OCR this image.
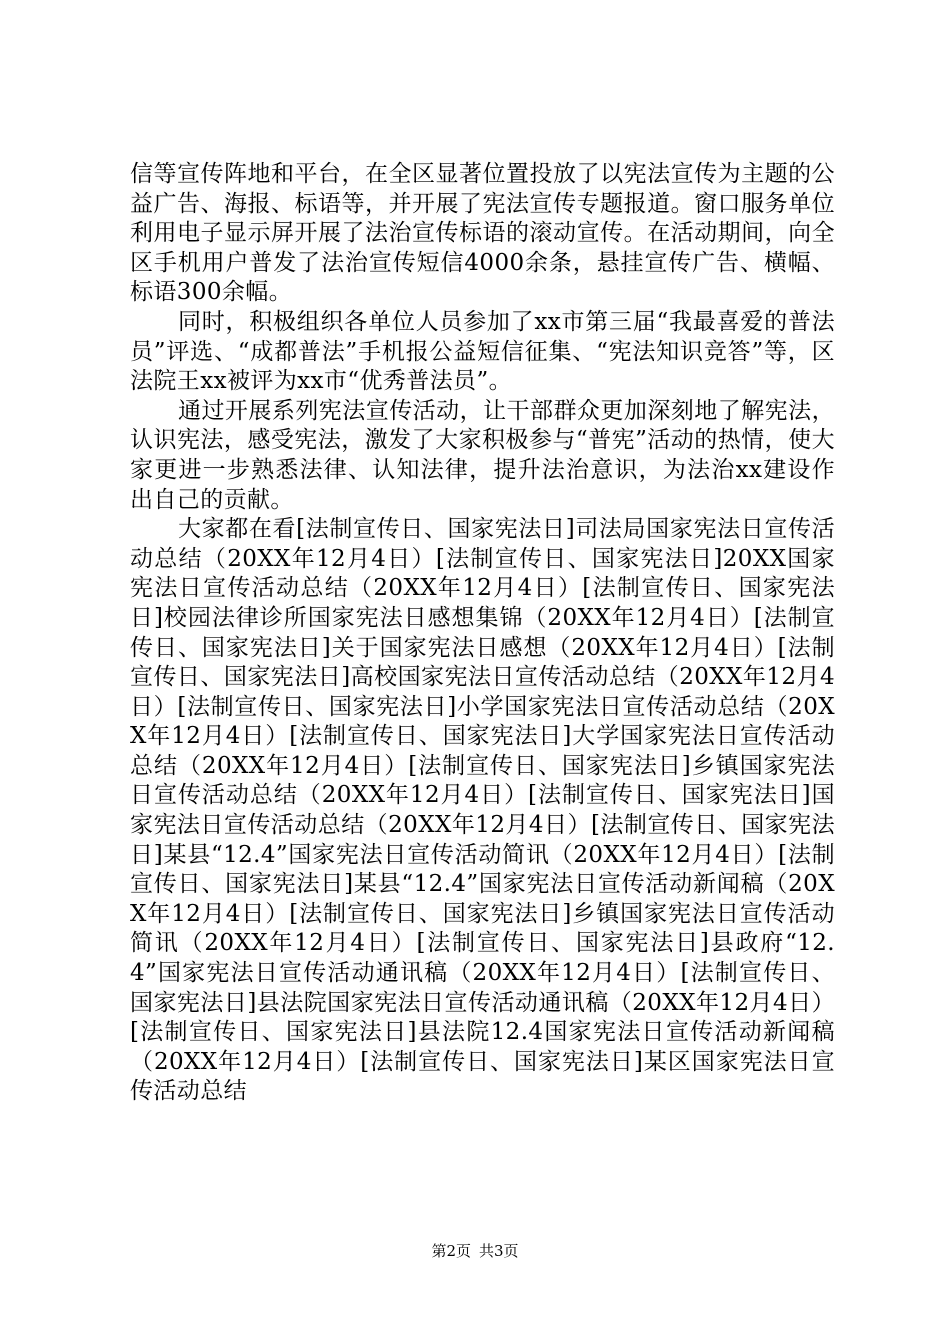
信等宣传阵地和平台，在全区显著位置投放了以宪法宣传为主题的公益广告、海报、标语等，并开展了宪法宣传专题报道。窗口服务单位利用电子显示屏开展了法治宣传标语的滚动宣传。在活动期间，向全区手机用户普发了法治宣传短信4000余条，悬挂宣传广告、横幅、标语300余幅。

同时，积极组织各单位人员参加了xx市第三届“我最喜爱的普法员”评选、“成都普法”手机报公益短信征集、“宪法知识竞答”等，区法院王xx被评为xx市“优秀普法员”。

通过开展系列宪法宣传活动，让干部群众更加深刻地了解宪法，认识宪法，感受宪法，激发了大家积极参与“普宪”活动的热情，使大家更进一步熟悉法律、认知法律，提升法治意识，为法治xx建设作出自己的贡献。

大家都在看[法制宣传日、国家宪法日]司法局国家宪法日宣传活动总结（20XX年12月4日）[法制宣传日、国家宪法日]20XX国家宪法日宣传活动总结（20XX年12月4日）[法制宣传日、国家宪法日]校园法律诊所国家宪法日感想集锦（20XX年12月4日）[法制宣传日、国家宪法日]关于国家宪法日感想（20XX年12月4日）[法制宣传日、国家宪法日]高校国家宪法日宣传活动总结（20XX年12月4日）[法制宣传日、国家宪法日]小学国家宪法日宣传活动总结（20XX年12月4日）[法制宣传日、国家宪法日]大学国家宪法日宣传活动总结（20XX年12月4日）[法制宣传日、国家宪法日]乡镇国家宪法日宣传活动总结（20XX年12月4日）[法制宣传日、国家宪法日]国家宪法日宣传活动总结（20XX年12月4日）[法制宣传日、国家宪法日]某县“12.4”国家宪法日宣传活动简讯（20XX年12月4日）[法制宣传日、国家宪法日]某县“12.4”国家宪法日宣传活动新闻稿（20XX年12月4日）[法制宣传日、国家宪法日]乡镇国家宪法日宣传活动简讯（20XX年12月4日）[法制宣传日、国家宪法日]县政府“12.4”国家宪法日宣传活动通讯稿（20XX年12月4日）[法制宣传日、国家宪法日]县法院国家宪法日宣传活动通讯稿（20XX年12月4日）[法制宣传日、国家宪法日]县法院12.4国家宪法日宣传活动新闻稿（20XX年12月4日）[法制宣传日、国家宪法日]某区国家宪法日宣传活动总结

第2页 共3页
